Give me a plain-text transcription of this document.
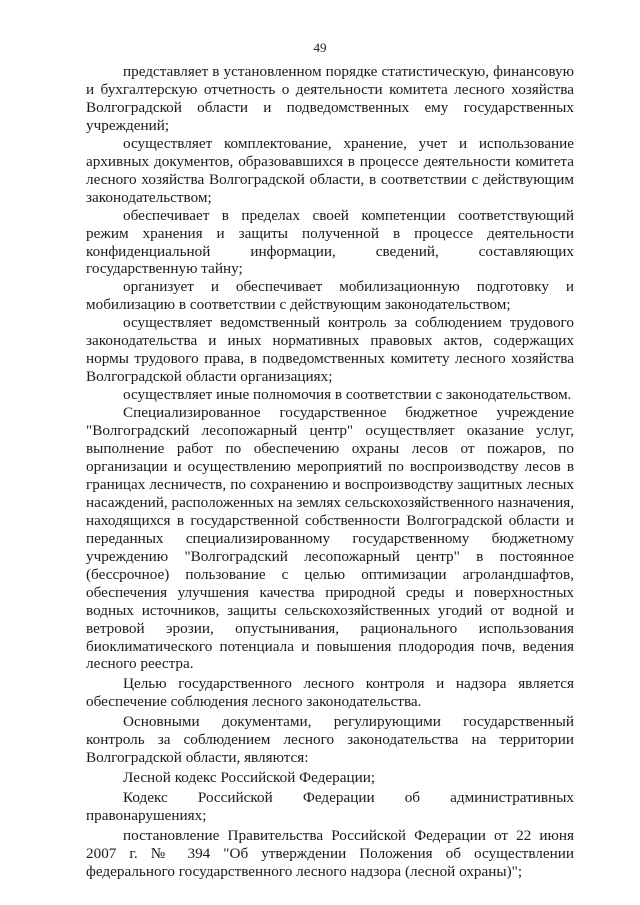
49

представляет в установленном порядке статистическую, финансовую и бухгалтерскую отчетность о деятельности комитета лесного хозяйства Волгоградской области и подведомственных ему государственных учреждений;

осуществляет комплектование, хранение, учет и использование архивных документов, образовавшихся в процессе деятельности комитета лесного хозяйства Волгоградской области, в соответствии с действующим законодательством;

обеспечивает в пределах своей компетенции соответствующий режим хранения и защиты полученной в процессе деятельности конфиденциальной информации, сведений, составляющих государственную тайну;

организует и обеспечивает мобилизационную подготовку и мобилизацию в соответствии с действующим законодательством;

осуществляет ведомственный контроль за соблюдением трудового законодательства и иных нормативных правовых актов, содержащих нормы трудового права, в подведомственных комитету лесного хозяйства Волгоградской области организациях;

осуществляет иные полномочия в соответствии с законодательством.

Специализированное государственное бюджетное учреждение "Волгоградский лесопожарный центр" осуществляет оказание услуг, выполнение работ по обеспечению охраны лесов от пожаров, по организации и осуществлению мероприятий по воспроизводству лесов в границах лесничеств, по сохранению и воспроизводству защитных лесных насаждений, расположенных на землях сельскохозяйственного назначения, находящихся в государственной собственности Волгоградской области и переданных специализированному государственному бюджетному учреждению "Волгоградский лесопожарный центр" в постоянное (бессрочное) пользование с целью оптимизации агроландшафтов, обеспечения улучшения качества природной среды и поверхностных водных источников, защиты сельскохозяйственных угодий от водной и ветровой эрозии, опустынивания, рационального использования биоклиматического потенциала и повышения плодородия почв, ведения лесного реестра.

Целью государственного лесного контроля и надзора является обеспечение соблюдения лесного законодательства.

Основными документами, регулирующими государственный контроль за соблюдением лесного законодательства на территории Волгоградской области, являются:

Лесной кодекс Российской Федерации;

Кодекс Российской Федерации об административных правонарушениях;

постановление Правительства Российской Федерации от 22 июня 2007 г. № 394 "Об утверждении Положения об осуществлении федерального государственного лесного надзора (лесной охраны)";
